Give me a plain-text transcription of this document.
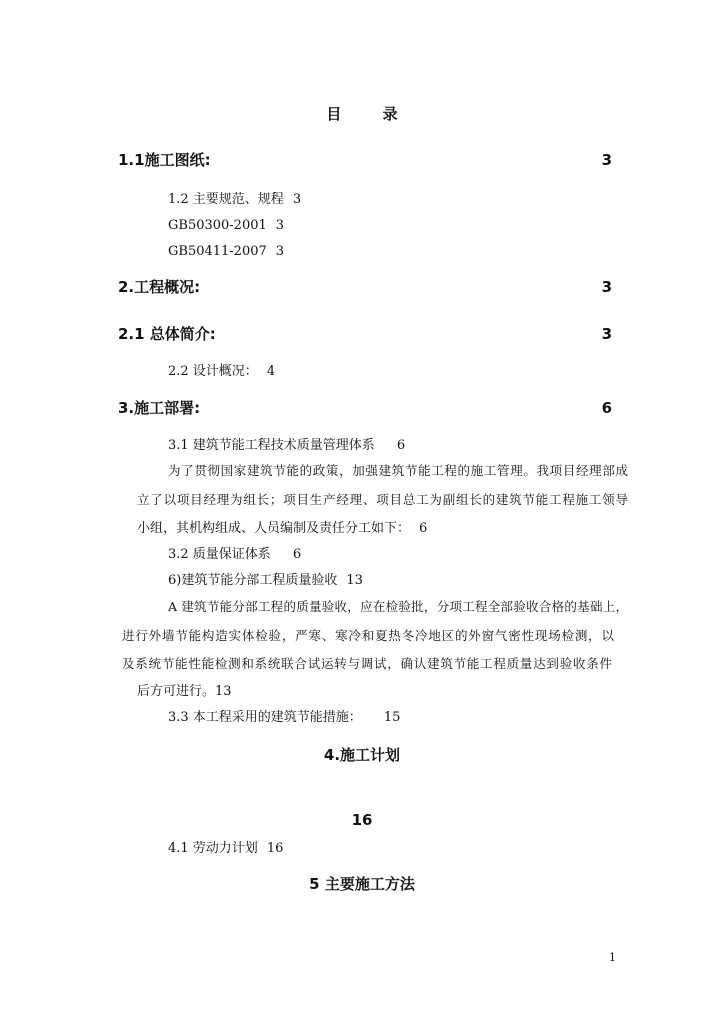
目 录
1.1施工图纸:	3
1.2 主要规范、规程 3
GB50300-2001 3
GB50411-2007 3
2.工程概况:	3
2.1 总体简介:	3
2.2 设计概况： 4
3.施工部署:	6
3.1 建筑节能工程技术质量管理体系 6
为了贯彻国家建筑节能的政策，加强建筑节能工程的施工管理。我项目经理部成
立了以项目经理为组长；项目生产经理、项目总工为副组长的建筑节能工程施工领导
小组，其机构组成、人员编制及责任分工如下： 6
3.2 质量保证体系 6
6)建筑节能分部工程质量验收 13
A 建筑节能分部工程的质量验收，应在检验批，分项工程全部验收合格的基础上，
进行外墙节能构造实体检验，严寒、寒冷和夏热冬冷地区的外窗气密性现场检测，以
及系统节能性能检测和系统联合试运转与调试，确认建筑节能工程质量达到验收条件
后方可进行。13
3.3 本工程采用的建筑节能措施： 15
4.施工计划
16
4.1 劳动力计划 16
5 主要施工方法
1
